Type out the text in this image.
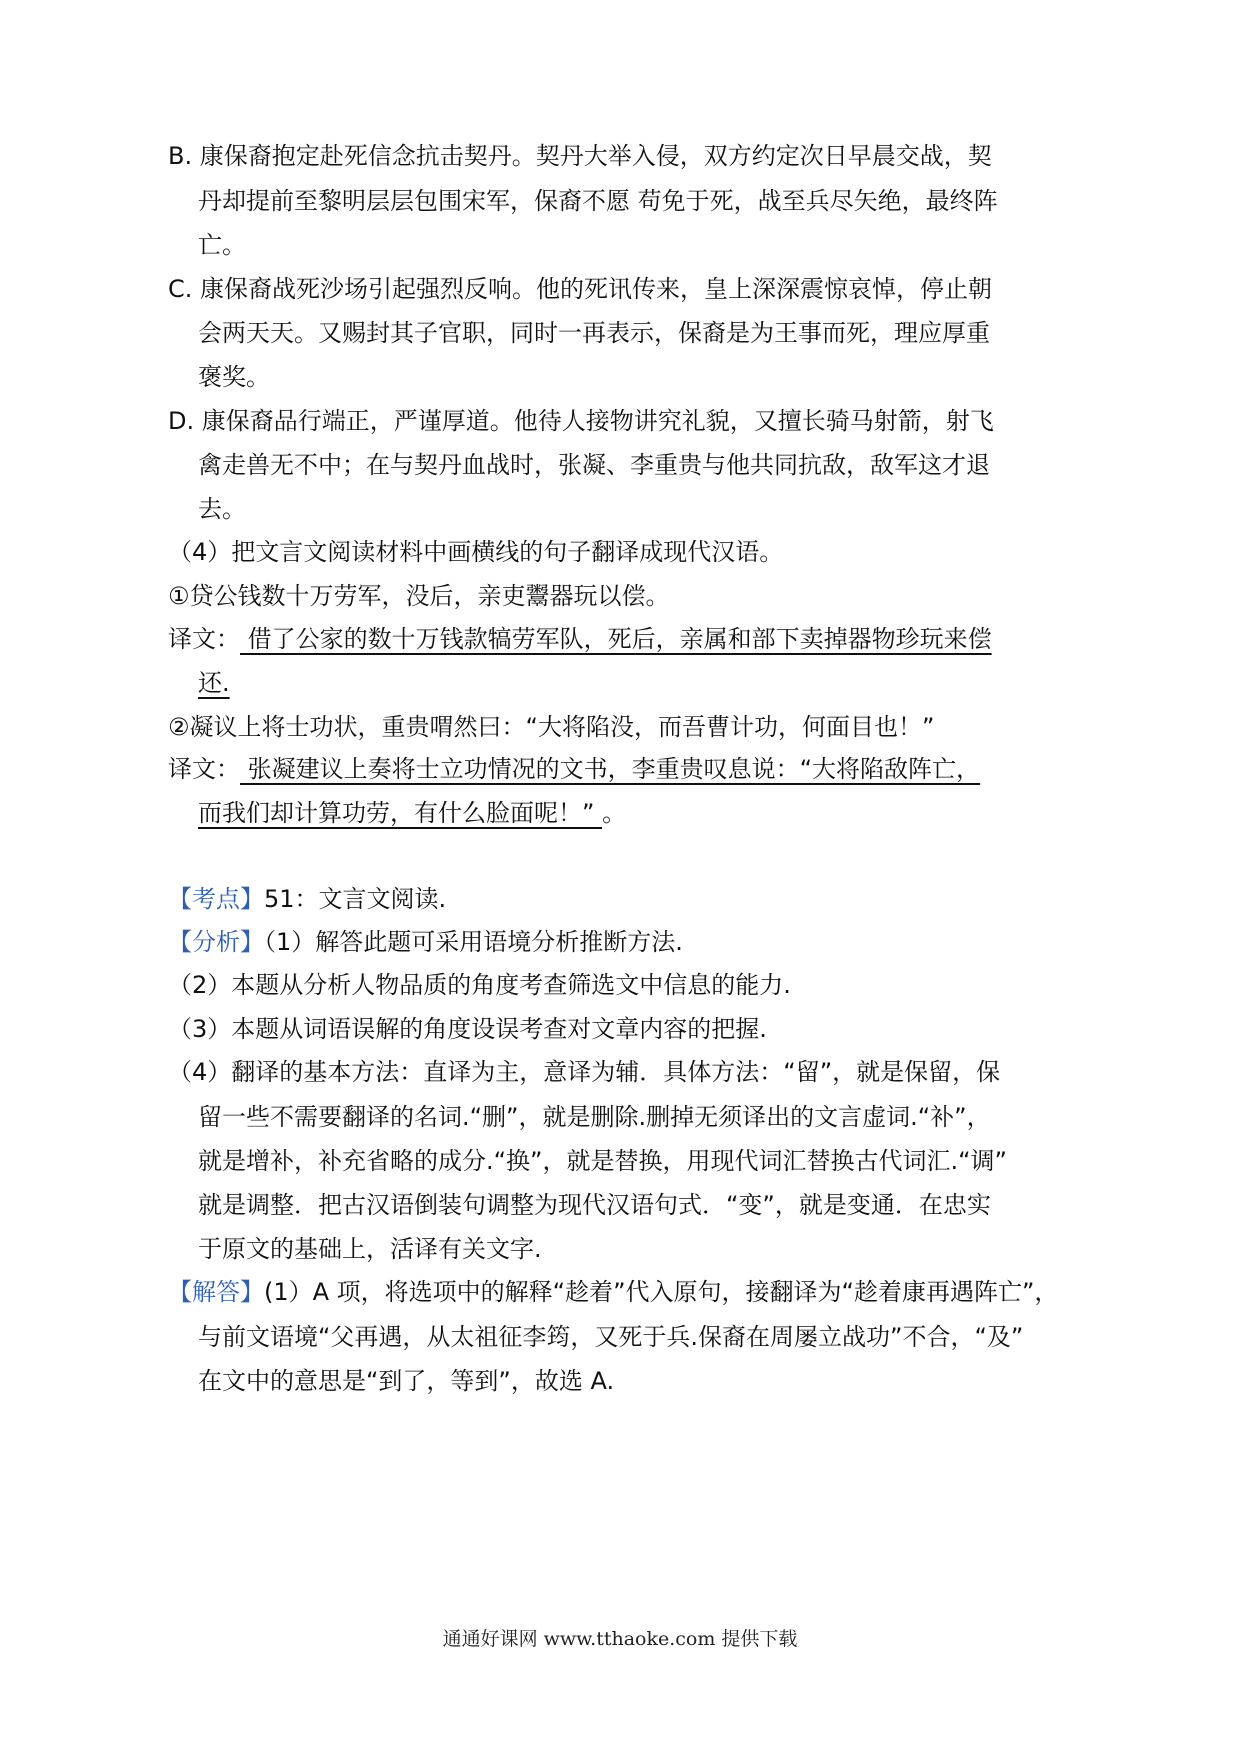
B. 康保裔抱定赴死信念抗击契丹。契丹大举入侵，双方约定次日早晨交战，契
丹却提前至黎明层层包围宋军，保裔不愿 苟免于死，战至兵尽矢绝，最终阵
亡。
C. 康保裔战死沙场引起强烈反响。他的死讯传来，皇上深深震惊哀悼，停止朝
会两天天。又赐封其子官职，同时一再表示，保裔是为王事而死，理应厚重
褒奖。
D. 康保裔品行端正，严谨厚道。他待人接物讲究礼貌，又擅长骑马射箭，射飞
禽走兽无不中；在与契丹血战时，张凝、李重贵与他共同抗敌，敌军这才退
去。
（4）把文言文阅读材料中画横线的句子翻译成现代汉语。
①贷公钱数十万劳军，没后，亲吏鬻器玩以偿。
译文： 借了公家的数十万钱款犒劳军队，死后，亲属和部下卖掉器物珍玩来偿
还.
②凝议上将士功状，重贵喟然曰：“大将陷没，而吾曹计功，何面目也！”
译文： 张凝建议上奏将士立功情况的文书，李重贵叹息说：“大将陷敌阵亡，
而我们却计算功劳，有什么脸面呢！” 。
【考点】51：文言文阅读.
【分析】（1）解答此题可采用语境分析推断方法.
（2）本题从分析人物品质的角度考查筛选文中信息的能力.
（3）本题从词语误解的角度设误考查对文章内容的把握.
（4）翻译的基本方法：直译为主，意译为辅．具体方法：“留”，就是保留，保
留一些不需要翻译的名词.“删”，就是删除.删掉无须译出的文言虚词.“补”，
就是增补，补充省略的成分.“换”，就是替换，用现代词汇替换古代词汇.“调”
就是调整．把古汉语倒装句调整为现代汉语句式．“变”，就是变通．在忠实
于原文的基础上，活译有关文字.
【解答】(1）A 项，将选项中的解释“趁着”代入原句，接翻译为“趁着康再遇阵亡”，
与前文语境“父再遇，从太祖征李筠，又死于兵.保裔在周屡立战功”不合，“及”
在文中的意思是“到了，等到”，故选 A.
通通好课网 www.tthaoke.com 提供下载
